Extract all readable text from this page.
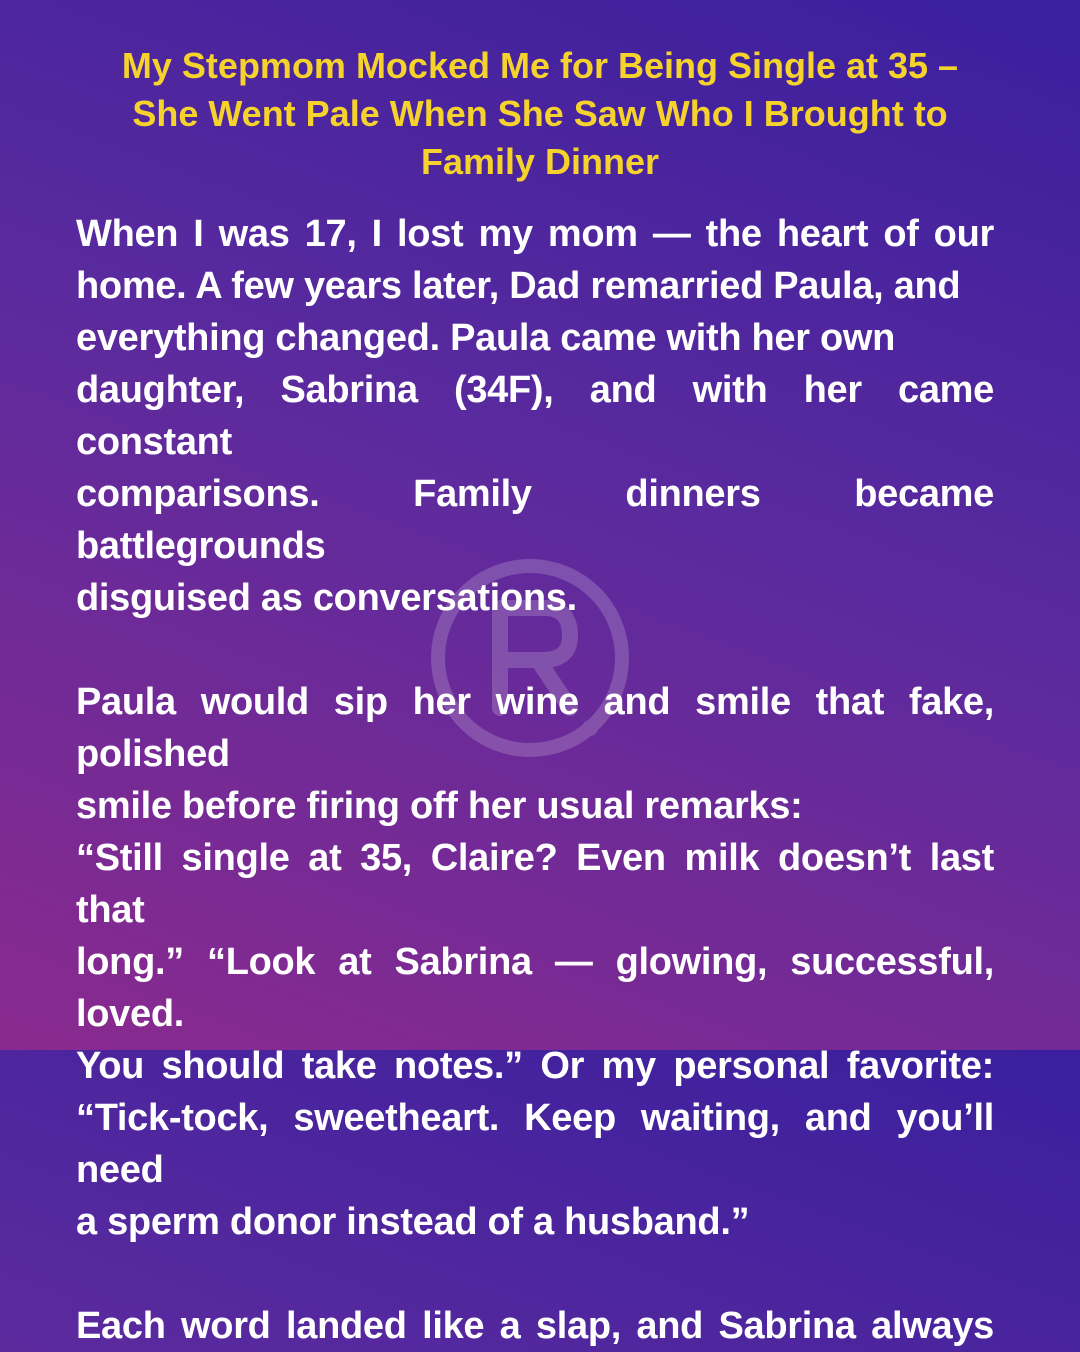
My Stepmom Mocked Me for Being Single at 35 –
She Went Pale When She Saw Who I Brought to
Family Dinner
When I was 17, I lost my mom — the heart of our
home. A few years later, Dad remarried Paula, and
everything changed. Paula came with her own
daughter, Sabrina (34F), and with her came constant
comparisons. Family dinners became battlegrounds
disguised as conversations.
Paula would sip her wine and smile that fake, polished
smile before firing off her usual remarks:
“Still single at 35, Claire? Even milk doesn’t last that
long.” “Look at Sabrina — glowing, successful, loved.
You should take notes.” Or my personal favorite:
“Tick-tock, sweetheart. Keep waiting, and you’ll need
a sperm donor instead of a husband.”
Each word landed like a slap, and Sabrina always
